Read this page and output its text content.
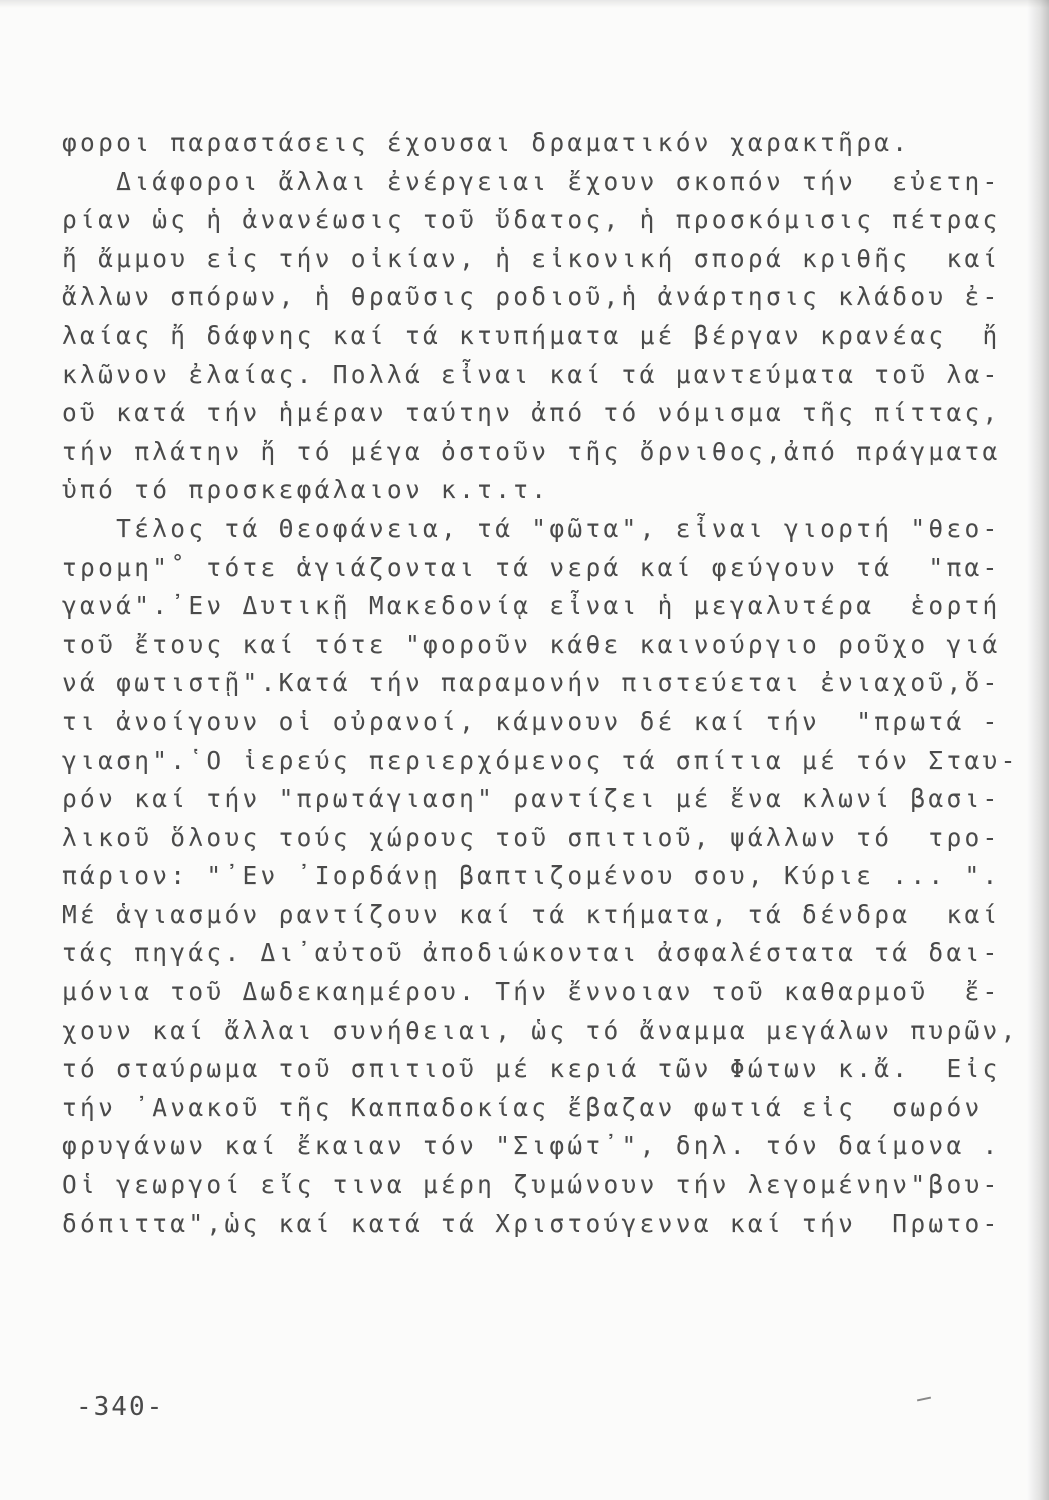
φοροι παραστάσεις έχουσαι δραματικόν χαρακτῆρα.
Διάφοροι ἄλλαι ἐνέργειαι ἔχουν σκοπόν τήν  εὐετη-
ρίαν ὡς ἡ ἀνανέωσις τοῦ ὕδατος, ἡ προσκόμισις πέτρας
ἤ ἄμμου εἰς τήν οἰκίαν, ἡ εἰκονική σπορά κριθῆς  καί
ἄλλων σπόρων, ἡ θραῦσις ροδιοῦ,ἡ ἀνάρτησις κλάδου ἐ-
λαίας ἤ δάφνης καί τά κτυπήματα μέ βέργαν κρανέας  ἤ
κλῶνον ἐλαίας. Πολλά εἶναι καί τά μαντεύματα τοῦ λα-
οῦ κατά τήν ἡμέραν ταύτην ἀπό τό νόμισμα τῆς πίττας,
τήν πλάτην ἤ τό μέγα ὀστοῦν τῆς ὄρνιθος,ἀπό πράγματα
ὑπό τό προσκεφάλαιον κ.τ.τ.
Τέλος τά Θεοφάνεια, τά "φῶτα", εἶναι γιορτή "θεο-
τρομη"˚ τότε ἁγιάζονται τά νερά καί φεύγουν τά  "πα-
γανά".᾿Εν Δυτικῇ Μακεδονίᾳ εἶναι ἡ μεγαλυτέρα  ἑορτή
τοῦ ἔτους καί τότε "φοροῦν κάθε καινούργιο ροῦχο γιά
νά φωτιστῇ".Κατά τήν παραμονήν πιστεύεται ἐνιαχοῦ,ὅ-
τι ἀνοίγουν οἱ οὐρανοί, κάμνουν δέ καί τήν  "πρωτά -
γιαση".῾Ο ἱερεύς περιερχόμενος τά σπίτια μέ τόν Σταυ-
ρόν καί τήν "πρωτάγιαση" ραντίζει μέ ἕνα κλωνί βασι-
λικοῦ ὅλους τούς χώρους τοῦ σπιτιοῦ, ψάλλων τό  τρο-
πάριον: "᾿Εν ᾿Ιορδάνῃ βαπτιζομένου σου, Κύριε ... ".
Μέ ἁγιασμόν ραντίζουν καί τά κτήματα, τά δένδρα  καί
τάς πηγάς. Δι᾿αὐτοῦ ἀποδιώκονται ἀσφαλέστατα τά δαι-
μόνια τοῦ Δωδεκαημέρου. Τήν ἔννοιαν τοῦ καθαρμοῦ  ἔ-
χουν καί ἄλλαι συνήθειαι, ὡς τό ἄναμμα μεγάλων πυρῶν,
τό σταύρωμα τοῦ σπιτιοῦ μέ κεριά τῶν Φώτων κ.ἄ.  Εἰς
τήν ᾿Ανακοῦ τῆς Καππαδοκίας ἔβαζαν φωτιά εἰς  σωρόν
φρυγάνων καί ἔκαιαν τόν "Σιφώτ᾿", δηλ. τόν δαίμονα .
Οἱ γεωργοί εἴς τινα μέρη ζυμώνουν τήν λεγομένην"βου-
δόπιττα",ὡς καί κατά τά Χριστούγεννα καί τήν  Πρωτο-
-340-
